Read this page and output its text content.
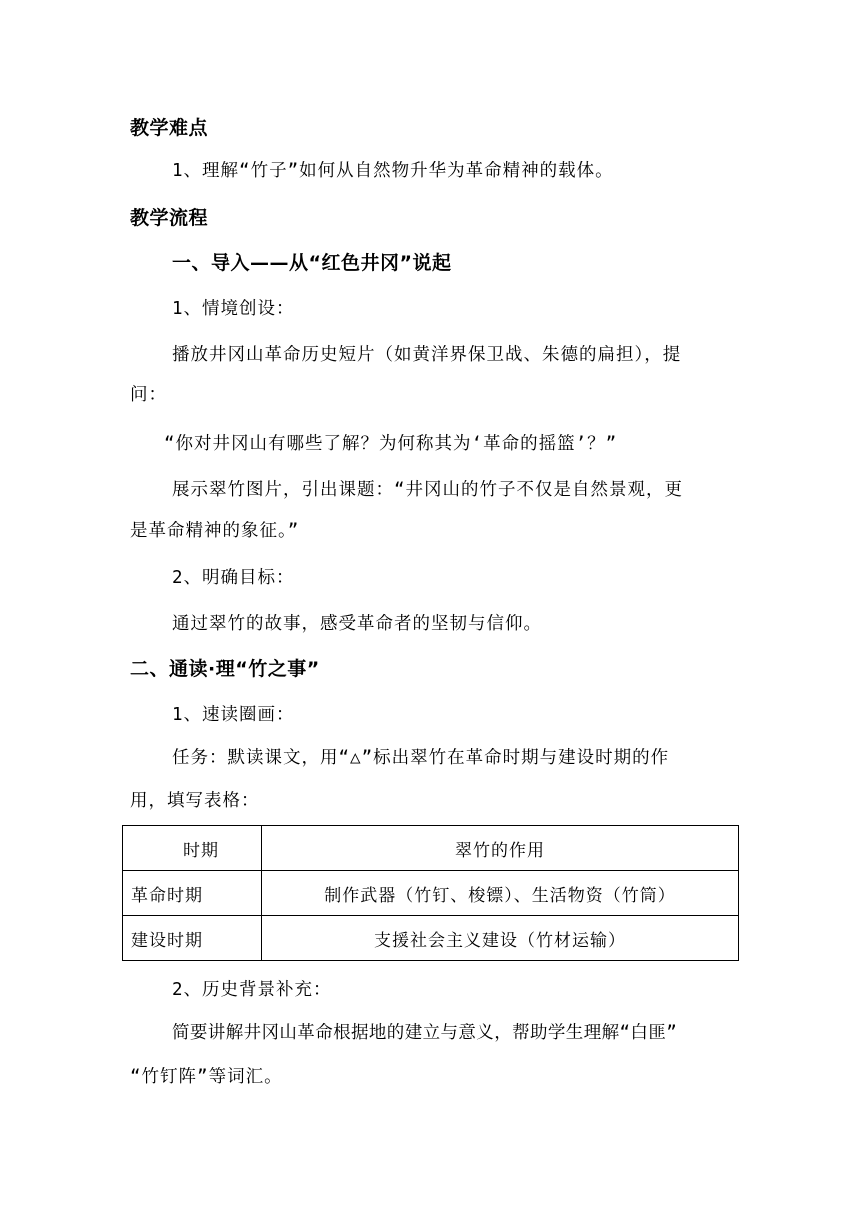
教学难点
1、理解“竹子”如何从自然物升华为革命精神的载体。
教学流程
一、导入——从“红色井冈”说起
1、情境创设：
播放井冈山革命历史短片（如黄洋界保卫战、朱德的扁担），提
问：
“你对井冈山有哪些了解？为何称其为‘革命的摇篮’？”
展示翠竹图片，引出课题：“井冈山的竹子不仅是自然景观，更
是革命精神的象征。”
2、明确目标：
通过翠竹的故事，感受革命者的坚韧与信仰。
二、通读·理“竹之事”
1、速读圈画：
任务：默读课文，用“△”标出翠竹在革命时期与建设时期的作
用，填写表格：
时期	翠竹的作用
革命时期	制作武器（竹钉、梭镖）、生活物资（竹筒）
建设时期	支援社会主义建设（竹材运输）
2、历史背景补充：
简要讲解井冈山革命根据地的建立与意义，帮助学生理解“白匪”
“竹钉阵”等词汇。
